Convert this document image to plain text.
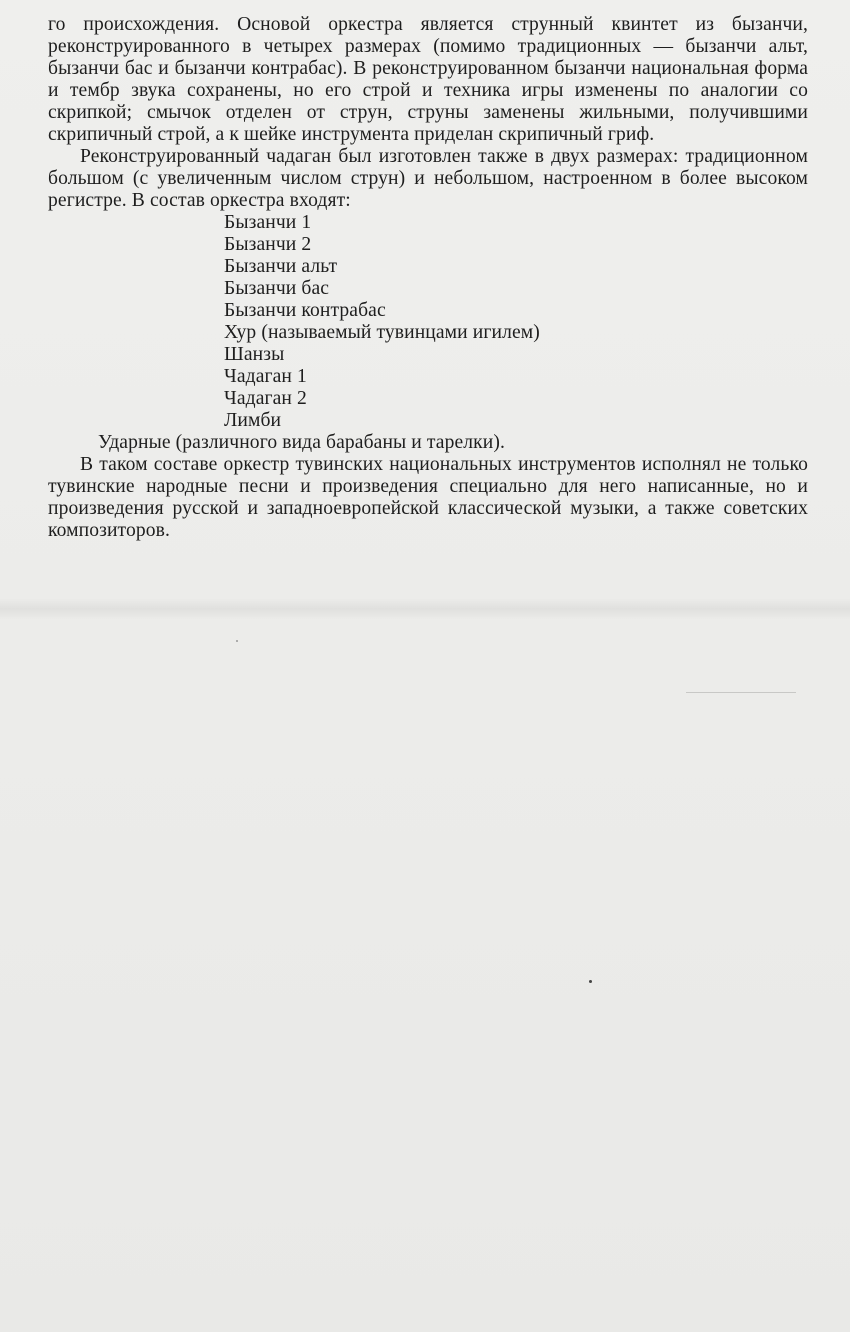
го происхождения. Основой оркестра является струнный квинтет из бызанчи, реконструированного в четырех размерах (помимо традиционных — бызанчи альт, бызанчи бас и бызанчи контрабас). В реконструированном бызанчи национальная форма и тембр звука сохранены, но его строй и техника игры изменены по аналогии со скрипкой; смычок отделен от струн, струны заменены жильными, получившими скрипичный строй, а к шейке инструмента приделан скрипичный гриф.

Реконструированный чадаган был изготовлен также в двух размерах: традиционном большом (с увеличенным числом струн) и небольшом, настроенном в более высоком регистре. В состав оркестра входят:

Бызанчи 1
Бызанчи 2
Бызанчи альт
Бызанчи бас
Бызанчи контрабас
Хур (называемый тувинцами игилем)
Шанзы
Чадаган 1
Чадаган 2
Лимби

Ударные (различного вида барабаны и тарелки).

В таком составе оркестр тувинских национальных инструментов исполнял не только тувинские народные песни и произведения специально для него написанные, но и произведения русской и западноевропейской классической музыки, а также советских композиторов.
